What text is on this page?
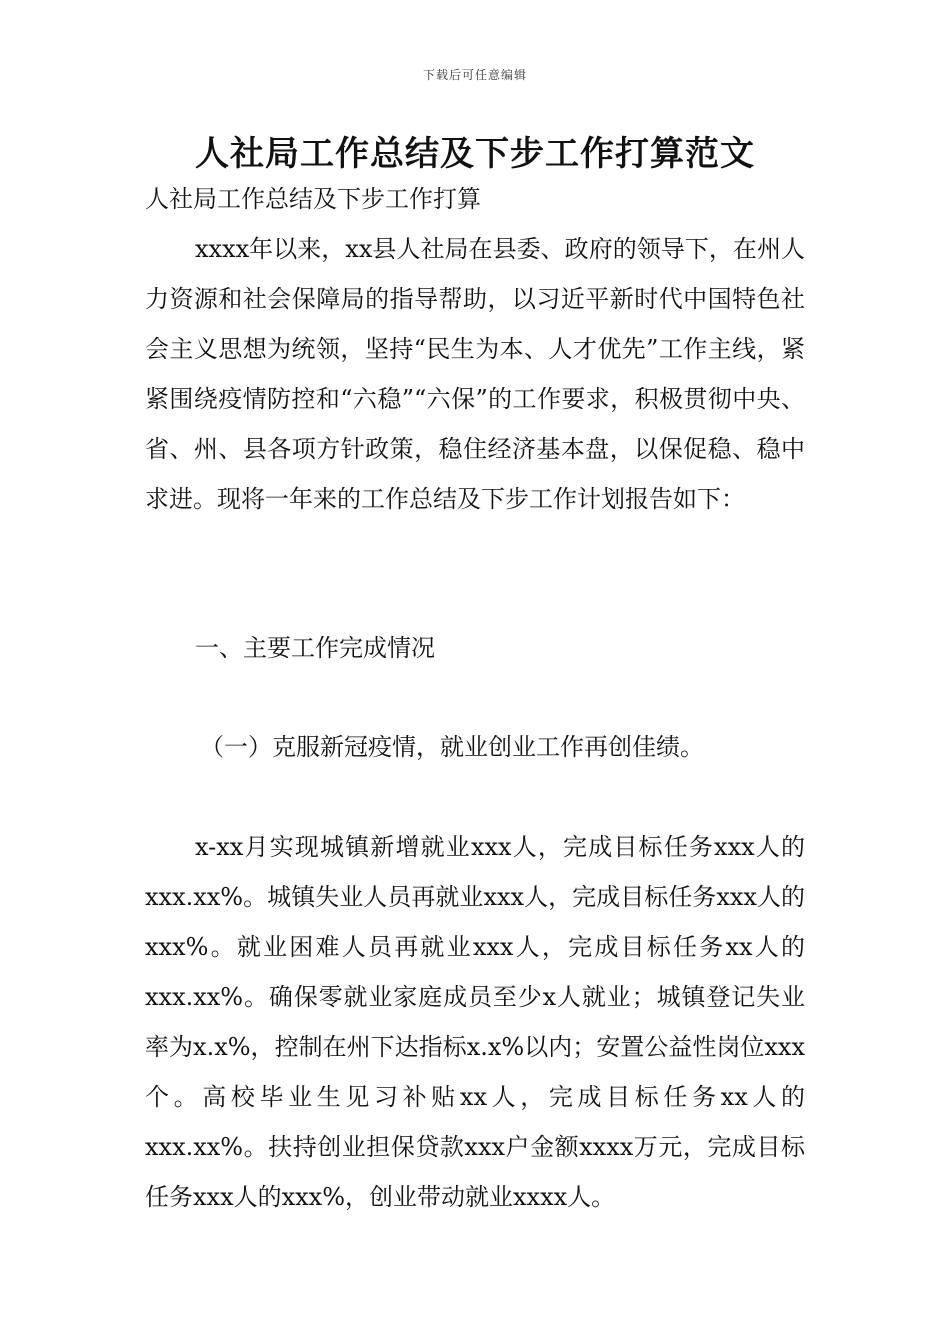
下载后可任意编辑
人社局工作总结及下步工作打算范文

人社局工作总结及下步工作打算

xxxx年以来，xx县人社局在县委、政府的领导下，在州人力资源和社会保障局的指导帮助，以习近平新时代中国特色社会主义思想为统领，坚持“民生为本、人才优先”工作主线，紧紧围绕疫情防控和“六稳”“六保”的工作要求，积极贯彻中央、省、州、县各项方针政策，稳住经济基本盘，以保促稳、稳中求进。现将一年来的工作总结及下步工作计划报告如下：

一、主要工作完成情况

（一）克服新冠疫情，就业创业工作再创佳绩。

x-xx月实现城镇新增就业xxx人，完成目标任务xxx人的xxx.xx%。城镇失业人员再就业xxx人，完成目标任务xxx人的xxx%。就业困难人员再就业xxx人，完成目标任务xx人的xxx.xx%。确保零就业家庭成员至少x人就业；城镇登记失业率为x.x%，控制在州下达指标x.x%以内；安置公益性岗位xxx个。高校毕业生见习补贴xx人，完成目标任务xx人的xxx.xx%。扶持创业担保贷款xxx户金额xxxx万元，完成目标任务xxx人的xxx%，创业带动就业xxxx人。
